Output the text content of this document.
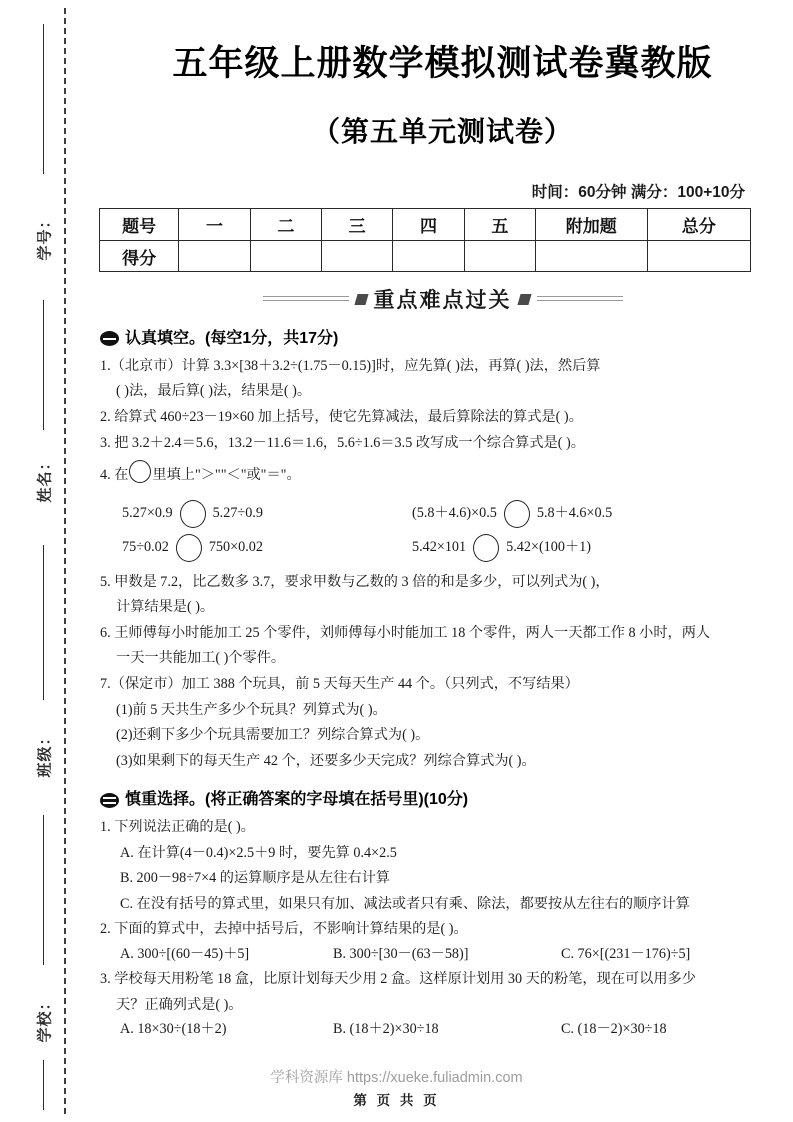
学号：
姓名：
班级：
学校：
五年级上册数学模拟测试卷冀教版
（第五单元测试卷）
时间：60分钟 满分：100+10分
题号	一	二	三	四	五	附加题	总分
得分							
重点难点过关
认真填空。(每空1分，共17分)
1.（北京市）计算 3.3×[38＋3.2÷(1.75－0.15)]时，应先算( )法，再算( )法，然后算
( )法，最后算( )法，结果是( )。
2. 给算式 460÷23－19×60 加上括号，使它先算减法，最后算除法的算式是( )。
3. 把 3.2＋2.4＝5.6，13.2－11.6＝1.6，5.6÷1.6＝3.5 改写成一个综合算式是( )。
4. 在 里填上"＞""＜"或"＝"。
5.27×0.9	5.27÷0.9	(5.8＋4.6)×0.5	5.8＋4.6×0.5
75÷0.02	750×0.02	5.42×101	5.42×(100＋1)
5. 甲数是 7.2，比乙数多 3.7，要求甲数与乙数的 3 倍的和是多少，可以列式为( )，
计算结果是( )。
6. 王师傅每小时能加工 25 个零件，刘师傅每小时能加工 18 个零件，两人一天都工作 8 小时，两人
一天一共能加工( )个零件。
7.（保定市）加工 388 个玩具，前 5 天每天生产 44 个。（只列式，不写结果）
(1)前 5 天共生产多少个玩具？列算式为( )。
(2)还剩下多少个玩具需要加工？列综合算式为( )。
(3)如果剩下的每天生产 42 个，还要多少天完成？列综合算式为( )。
慎重选择。(将正确答案的字母填在括号里)(10分)
1. 下列说法正确的是( )。
A. 在计算(4－0.4)×2.5＋9 时，要先算 0.4×2.5
B. 200－98÷7×4 的运算顺序是从左往右计算
C. 在没有括号的算式里，如果只有加、减法或者只有乘、除法，都要按从左往右的顺序计算
2. 下面的算式中，去掉中括号后，不影响计算结果的是( )。
A. 300÷[(60－45)＋5]	B. 300÷[30－(63－58)]	C. 76×[(231－176)÷5]
3. 学校每天用粉笔 18 盒，比原计划每天少用 2 盒。这样原计划用 30 天的粉笔，现在可以用多少
天？正确列式是( )。
A. 18×30÷(18＋2)	B. (18＋2)×30÷18	C. (18－2)×30÷18
学科资源库 https://xueke.fuliadmin.com
第 页 共 页
